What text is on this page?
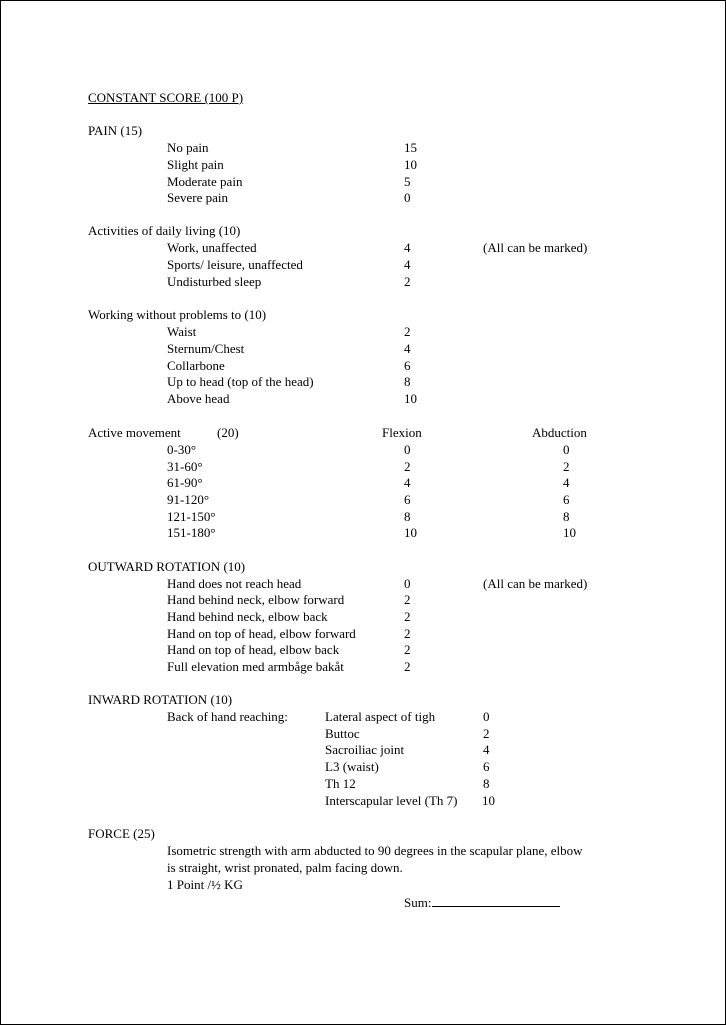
CONSTANT SCORE (100 P)
PAIN (15)
No pain	15
Slight pain	10
Moderate pain	5
Severe pain	0
Activities of daily living (10)
Work, unaffected	4	(All can be marked)
Sports/ leisure, unaffected	4
Undisturbed sleep	2
Working without problems to (10)
Waist	2
Sternum/Chest	4
Collarbone	6
Up to head (top of the head)	8
Above head	10
Active movement	(20)	Flexion	Abduction
0-30°	0	0
31-60°	2	2
61-90°	4	4
91-120°	6	6
121-150°	8	8
151-180°	10	10
OUTWARD ROTATION (10)
Hand does not reach head	0	(All can be marked)
Hand behind neck, elbow forward	2
Hand behind neck, elbow back	2
Hand on top of head, elbow forward	2
Hand on top of head, elbow back	2
Full elevation med armbåge bakåt	2
INWARD ROTATION (10)
Back of hand reaching:	Lateral aspect of tigh	0
Buttoc	2
Sacroiliac joint	4
L3 (waist)	6
Th 12	8
Interscapular level (Th 7) 10
FORCE (25)
Isometric strength with arm abducted to 90 degrees in the scapular plane, elbow
is straight, wrist pronated, palm facing down.
1 Point /½ KG
Sum:
